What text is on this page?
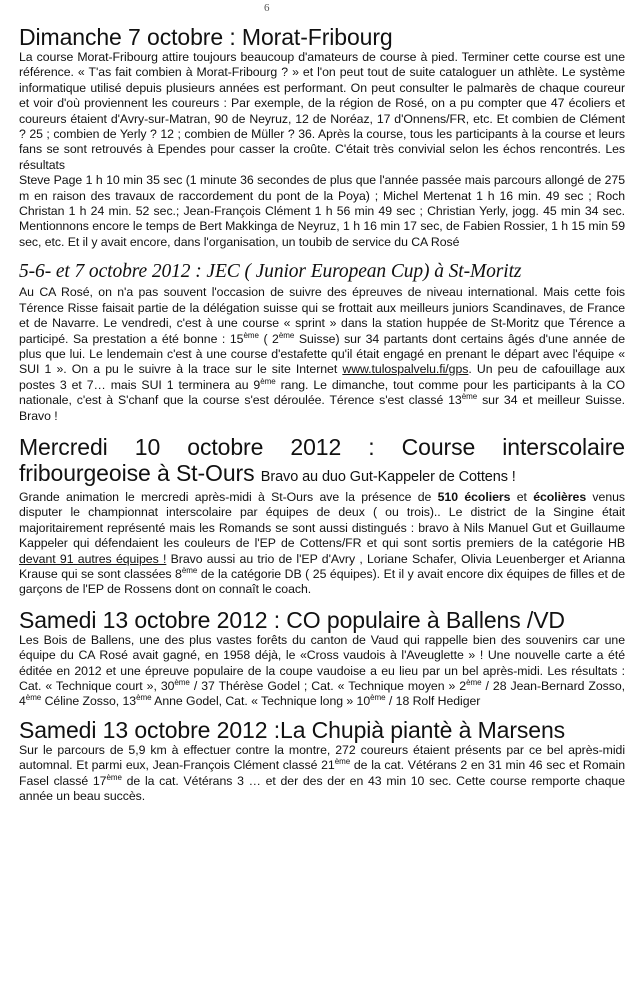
6
Dimanche 7 octobre : Morat-Fribourg

La course Morat-Fribourg attire toujours beaucoup d'amateurs de course à pied. Terminer cette course est une référence. « T'as fait combien à Morat-Fribourg ? » et l'on peut tout de suite cataloguer un athlète. Le système informatique utilisé depuis plusieurs années est performant. On peut consulter le palmarès de chaque coureur et voir d'où proviennent les coureurs : Par exemple, de la région de Rosé, on a pu compter que 47 écoliers et coureurs étaient d'Avry-sur-Matran, 90 de Neyruz, 12 de Noréaz, 17 d'Onnens/FR, etc. Et combien de Clément ? 25 ; combien de Yerly ? 12 ; combien de Müller ? 36. Après la course, tous les participants à la course et leurs fans se sont retrouvés à Ependes pour casser la croûte. C'était très convivial selon les échos rencontrés. Les résultats
Steve Page 1 h 10 min 35 sec (1 minute 36 secondes de plus que l'année passée mais parcours allongé de 275 m en raison des travaux de raccordement du pont de la Poya) ; Michel Mertenat 1 h 16 min. 49 sec ; Roch Christan 1 h 24 min. 52 sec.; Jean-François Clément 1 h 56 min 49 sec ; Christian Yerly, jogg. 45 min 34 sec. Mentionnons encore le temps de Bert Makkinga de Neyruz, 1 h 16 min 17 sec, de Fabien Rossier, 1 h 15 min 59 sec, etc. Et il y avait encore, dans l'organisation, un toubib de service du CA Rosé

5-6- et 7 octobre 2012 : JEC ( Junior European Cup) à St-Moritz

Au CA Rosé, on n'a pas souvent l'occasion de suivre des épreuves de niveau international. Mais cette fois Térence Risse faisait partie de la délégation suisse qui se frottait aux meilleurs juniors Scandinaves, de France et de Navarre. Le vendredi, c'est à une course « sprint » dans la station huppée de St-Moritz que Térence a participé. Sa prestation a été bonne : 15ème ( 2ème Suisse) sur 34 partants dont certains âgés d'une année de plus que lui. Le lendemain c'est à une course d'estafette qu'il était engagé en prenant le départ avec l'équipe « SUI 1 ». On a pu le suivre à la trace sur le site Internet www.tulospalvelu.fi/gps. Un peu de cafouillage aux postes 3 et 7… mais SUI 1 terminera au 9ème rang. Le dimanche, tout comme pour les participants à la CO nationale, c'est à S'chanf que la course s'est déroulée. Térence s'est classé 13ème sur 34 et meilleur Suisse. Bravo !

Mercredi 10 octobre 2012 : Course interscolaire
fribourgeoise à St-Ours Bravo au duo Gut-Kappeler de Cottens !

Grande animation le mercredi après-midi à St-Ours ave la présence de 510 écoliers et écolières venus disputer le championnat interscolaire par équipes de deux ( ou trois).. Le district de la Singine était majoritairement représenté mais les Romands se sont aussi distingués : bravo à Nils Manuel Gut et Guillaume Kappeler qui défendaient les couleurs de l'EP de Cottens/FR et qui sont sortis premiers de la catégorie HB devant 91 autres équipes ! Bravo aussi au trio de l'EP d'Avry , Loriane Schafer, Olivia Leuenberger et Arianna Krause qui se sont classées 8ème de la catégorie DB ( 25 équipes). Et il y avait encore dix équipes de filles et de garçons de l'EP de Rossens dont on connaît le coach.

Samedi 13 octobre 2012 : CO populaire à Ballens /VD

Les Bois de Ballens, une des plus vastes forêts du canton de Vaud qui rappelle bien des souvenirs car une équipe du CA Rosé avait gagné, en 1958 déjà, le «Cross vaudois à l'Aveuglette » ! Une nouvelle carte a été éditée en 2012 et une épreuve populaire de la coupe vaudoise a eu lieu par un bel après-midi. Les résultats : Cat. « Technique court », 30ème / 37 Thérèse Godel ; Cat. « Technique moyen » 2ème / 28 Jean-Bernard Zosso, 4ème Céline Zosso, 13ème Anne Godel, Cat. « Technique long » 10ème / 18 Rolf Hediger

Samedi 13 octobre 2012 :La Chupià piantè à Marsens

Sur le parcours de 5,9 km à effectuer contre la montre, 272 coureurs étaient présents par ce bel après-midi automnal. Et parmi eux, Jean-François Clément classé 21ème de la cat. Vétérans 2 en 31 min 46 sec et Romain Fasel classé 17ème de la cat. Vétérans 3 … et der des der en 43 min 10 sec. Cette course remporte chaque année un beau succès.
